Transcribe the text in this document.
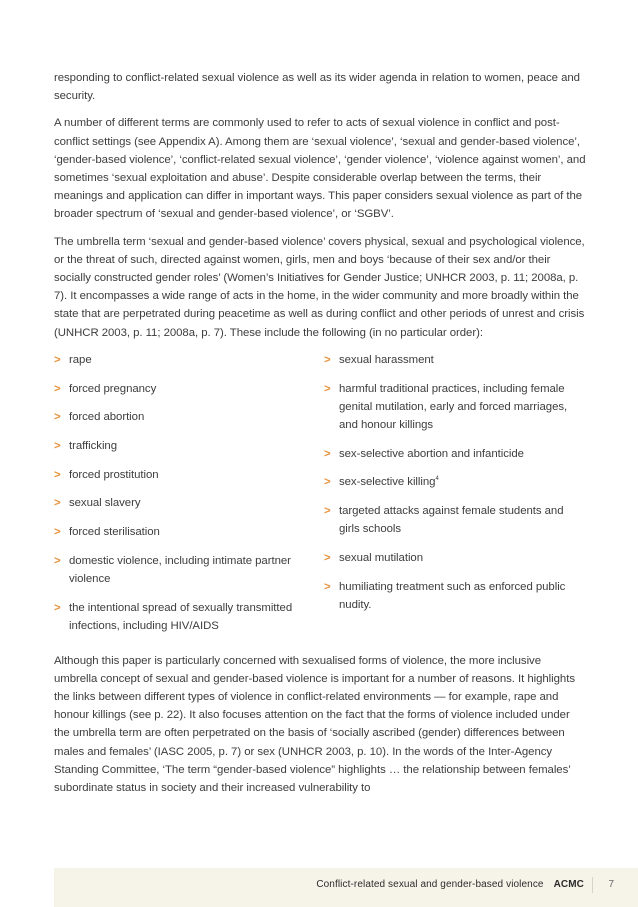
responding to conflict-related sexual violence as well as its wider agenda in relation to women, peace and security.

A number of different terms are commonly used to refer to acts of sexual violence in conflict and post-conflict settings (see Appendix A). Among them are ‘sexual violence’, ‘sexual and gender-based violence’, ‘gender-based violence’, ‘conflict-related sexual violence’, ‘gender violence’, ‘violence against women’, and sometimes ‘sexual exploitation and abuse’. Despite considerable overlap between the terms, their meanings and application can differ in important ways. This paper considers sexual violence as part of the broader spectrum of ‘sexual and gender-based violence’, or ‘SGBV’.

The umbrella term ‘sexual and gender-based violence’ covers physical, sexual and psychological violence, or the threat of such, directed against women, girls, men and boys ‘because of their sex and/or their socially constructed gender roles’ (Women’s Initiatives for Gender Justice; UNHCR 2003, p. 11; 2008a, p. 7). It encompasses a wide range of acts in the home, in the wider community and more broadly within the state that are perpetrated during peacetime as well as during conflict and other periods of unrest and crisis (UNHCR 2003, p. 11; 2008a, p. 7). These include the following (in no particular order):

> rape
> forced pregnancy
> forced abortion
> trafficking
> forced prostitution
> sexual slavery
> forced sterilisation
> domestic violence, including intimate partner violence
> the intentional spread of sexually transmitted infections, including HIV/AIDS
> sexual harassment
> harmful traditional practices, including female genital mutilation, early and forced marriages, and honour killings
> sex-selective abortion and infanticide
> sex-selective killing$^4$
> targeted attacks against female students and girls schools
> sexual mutilation
> humiliating treatment such as enforced public nudity.

Although this paper is particularly concerned with sexualised forms of violence, the more inclusive umbrella concept of sexual and gender-based violence is important for a number of reasons. It highlights the links between different types of violence in conflict-related environments — for example, rape and honour killings (see p. 22). It also focuses attention on the fact that the forms of violence included under the umbrella term are often perpetrated on the basis of ‘socially ascribed (gender) differences between males and females’ (IASC 2005, p. 7) or sex (UNHCR 2003, p. 10). In the words of the Inter-Agency Standing Committee, ‘The term “gender-based violence” highlights … the relationship between females’ subordinate status in society and their increased vulnerability to

Conflict-related sexual and gender-based violence ACMC 7
